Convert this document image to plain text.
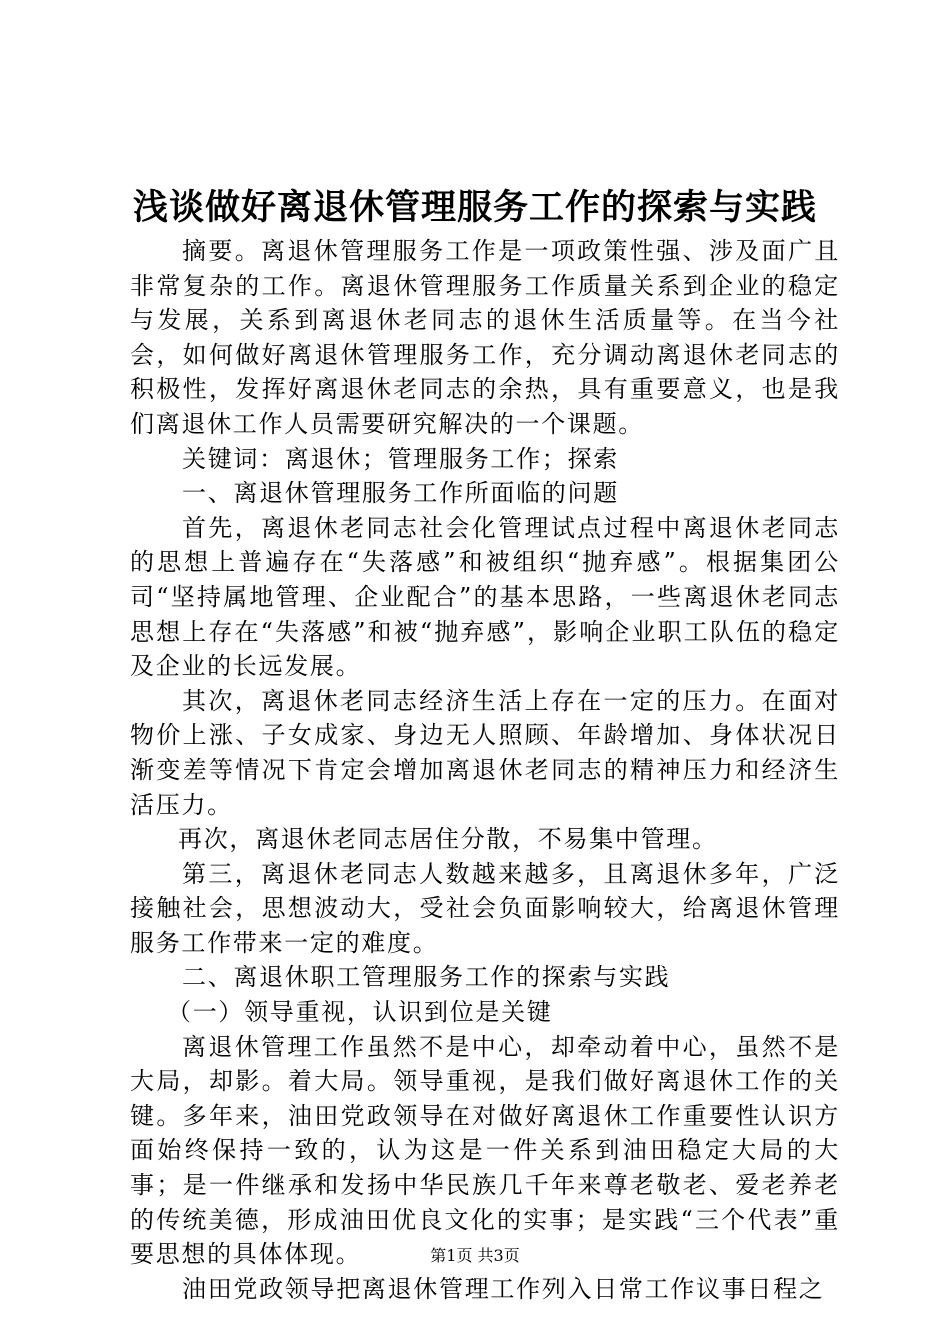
浅谈做好离退休管理服务工作的探索与实践

摘要。离退休管理服务工作是一项政策性强、涉及面广且非常复杂的工作。离退休管理服务工作质量关系到企业的稳定与发展，关系到离退休老同志的退休生活质量等。在当今社会，如何做好离退休管理服务工作，充分调动离退休老同志的积极性，发挥好离退休老同志的余热，具有重要意义，也是我们离退休工作人员需要研究解决的一个课题。

关键词：离退休；管理服务工作；探索

一、离退休管理服务工作所面临的问题

首先，离退休老同志社会化管理试点过程中离退休老同志的思想上普遍存在“失落感”和被组织“抛弃感”。根据集团公司“坚持属地管理、企业配合”的基本思路，一些离退休老同志思想上存在“失落感”和被“抛弃感”，影响企业职工队伍的稳定及企业的长远发展。

其次，离退休老同志经济生活上存在一定的压力。在面对物价上涨、子女成家、身边无人照顾、年龄增加、身体状况日渐变差等情况下肯定会增加离退休老同志的精神压力和经济生活压力。

再次，离退休老同志居住分散，不易集中管理。

第三，离退休老同志人数越来越多，且离退休多年，广泛接触社会，思想波动大，受社会负面影响较大，给离退休管理服务工作带来一定的难度。

二、离退休职工管理服务工作的探索与实践

（一）领导重视，认识到位是关键

离退休管理工作虽然不是中心，却牵动着中心，虽然不是大局，却影。着大局。领导重视，是我们做好离退休工作的关键。多年来，油田党政领导在对做好离退休工作重要性认识方面始终保持一致的，认为这是一件关系到油田稳定大局的大事；是一件继承和发扬中华民族几千年来尊老敬老、爱老养老的传统美德，形成油田优良文化的实事；是实践“三个代表”重要思想的具体体现。

油田党政领导把离退休管理工作列入日常工作议事日程之

第1页 共3页
